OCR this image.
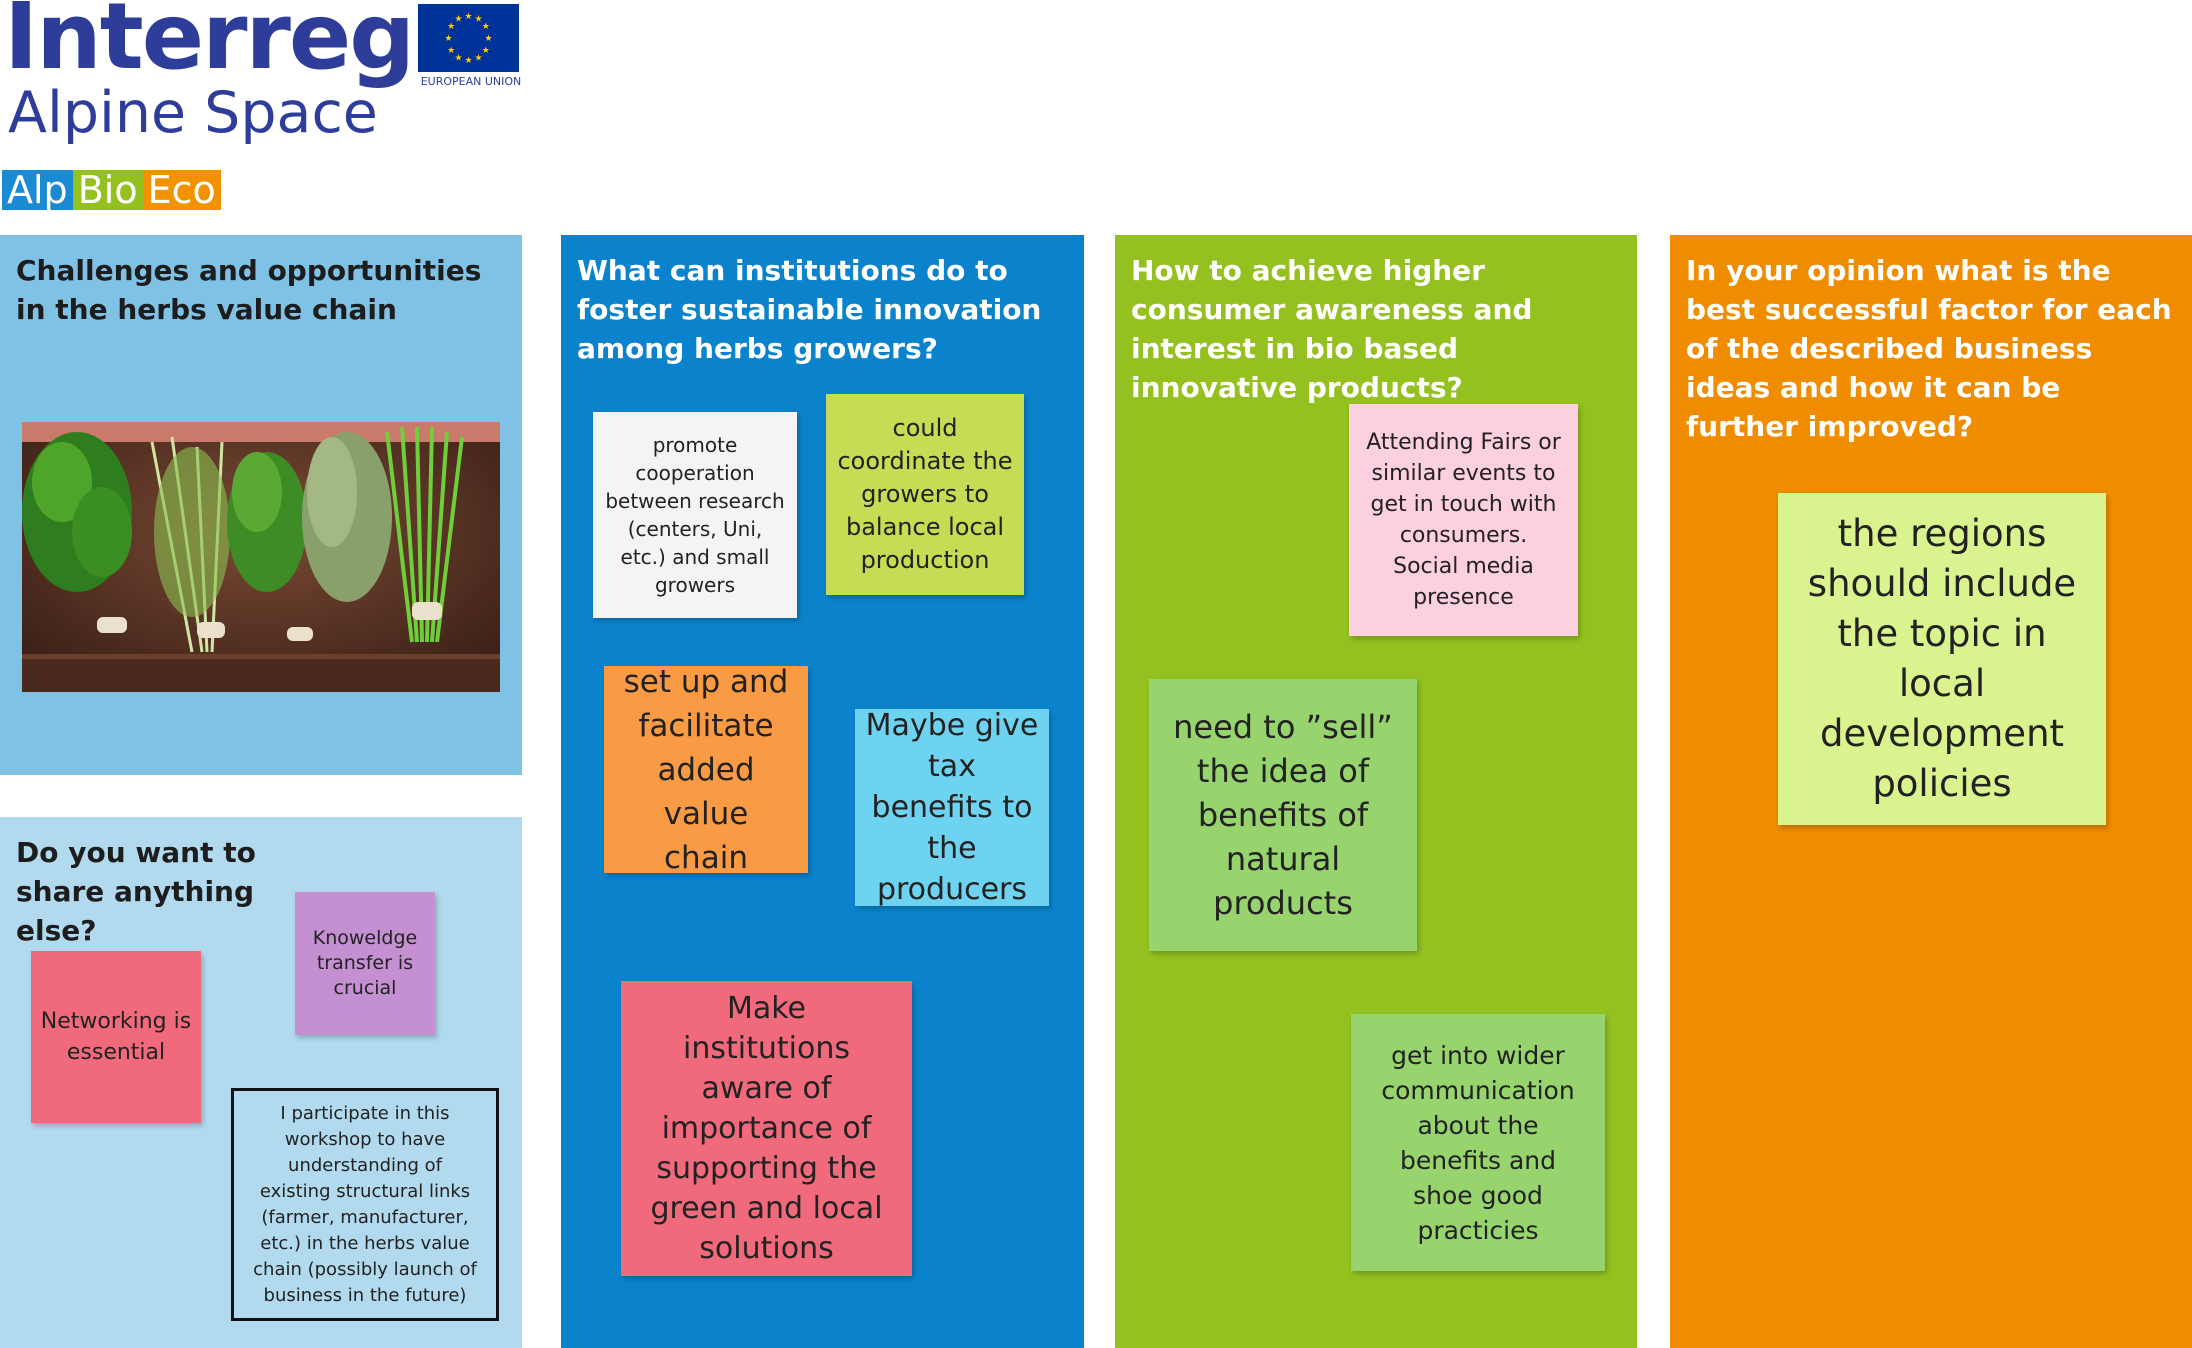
Interreg
Alpine Space
★ ★
★
★
★
★
★
★
★
★
★
★
EUROPEAN UNION
Alp Bio Eco
Challenges and opportunities in the herbs value chain
Do you want to share anything else?	Knoweldge transfer is crucial
Networking is essential
I participate in this workshop to have understanding of existing structural links (farmer, manufacturer, etc.) in the herbs value chain (possibly launch of business in the future)
What can institutions do to foster sustainable innovation among herbs growers?
promote cooperation between research (centers, Uni, etc.) and small growers
could coordinate the growers to balance local production
set up and facilitate added value chain
Maybe give tax benefits to the producers
Make institutions aware of importance of supporting the green and local solutions
How to achieve higher consumer awareness and interest in bio based innovative products?
Attending Fairs or similar events to get in touch with consumers. Social media presence
need to ”sell” the idea of benefits of natural products
get into wider communication about the benefits and shoe good practicies
In your opinion what is the best successful factor for each of the described business ideas and how it can be further improved?
the regions should include the topic in local development policies
